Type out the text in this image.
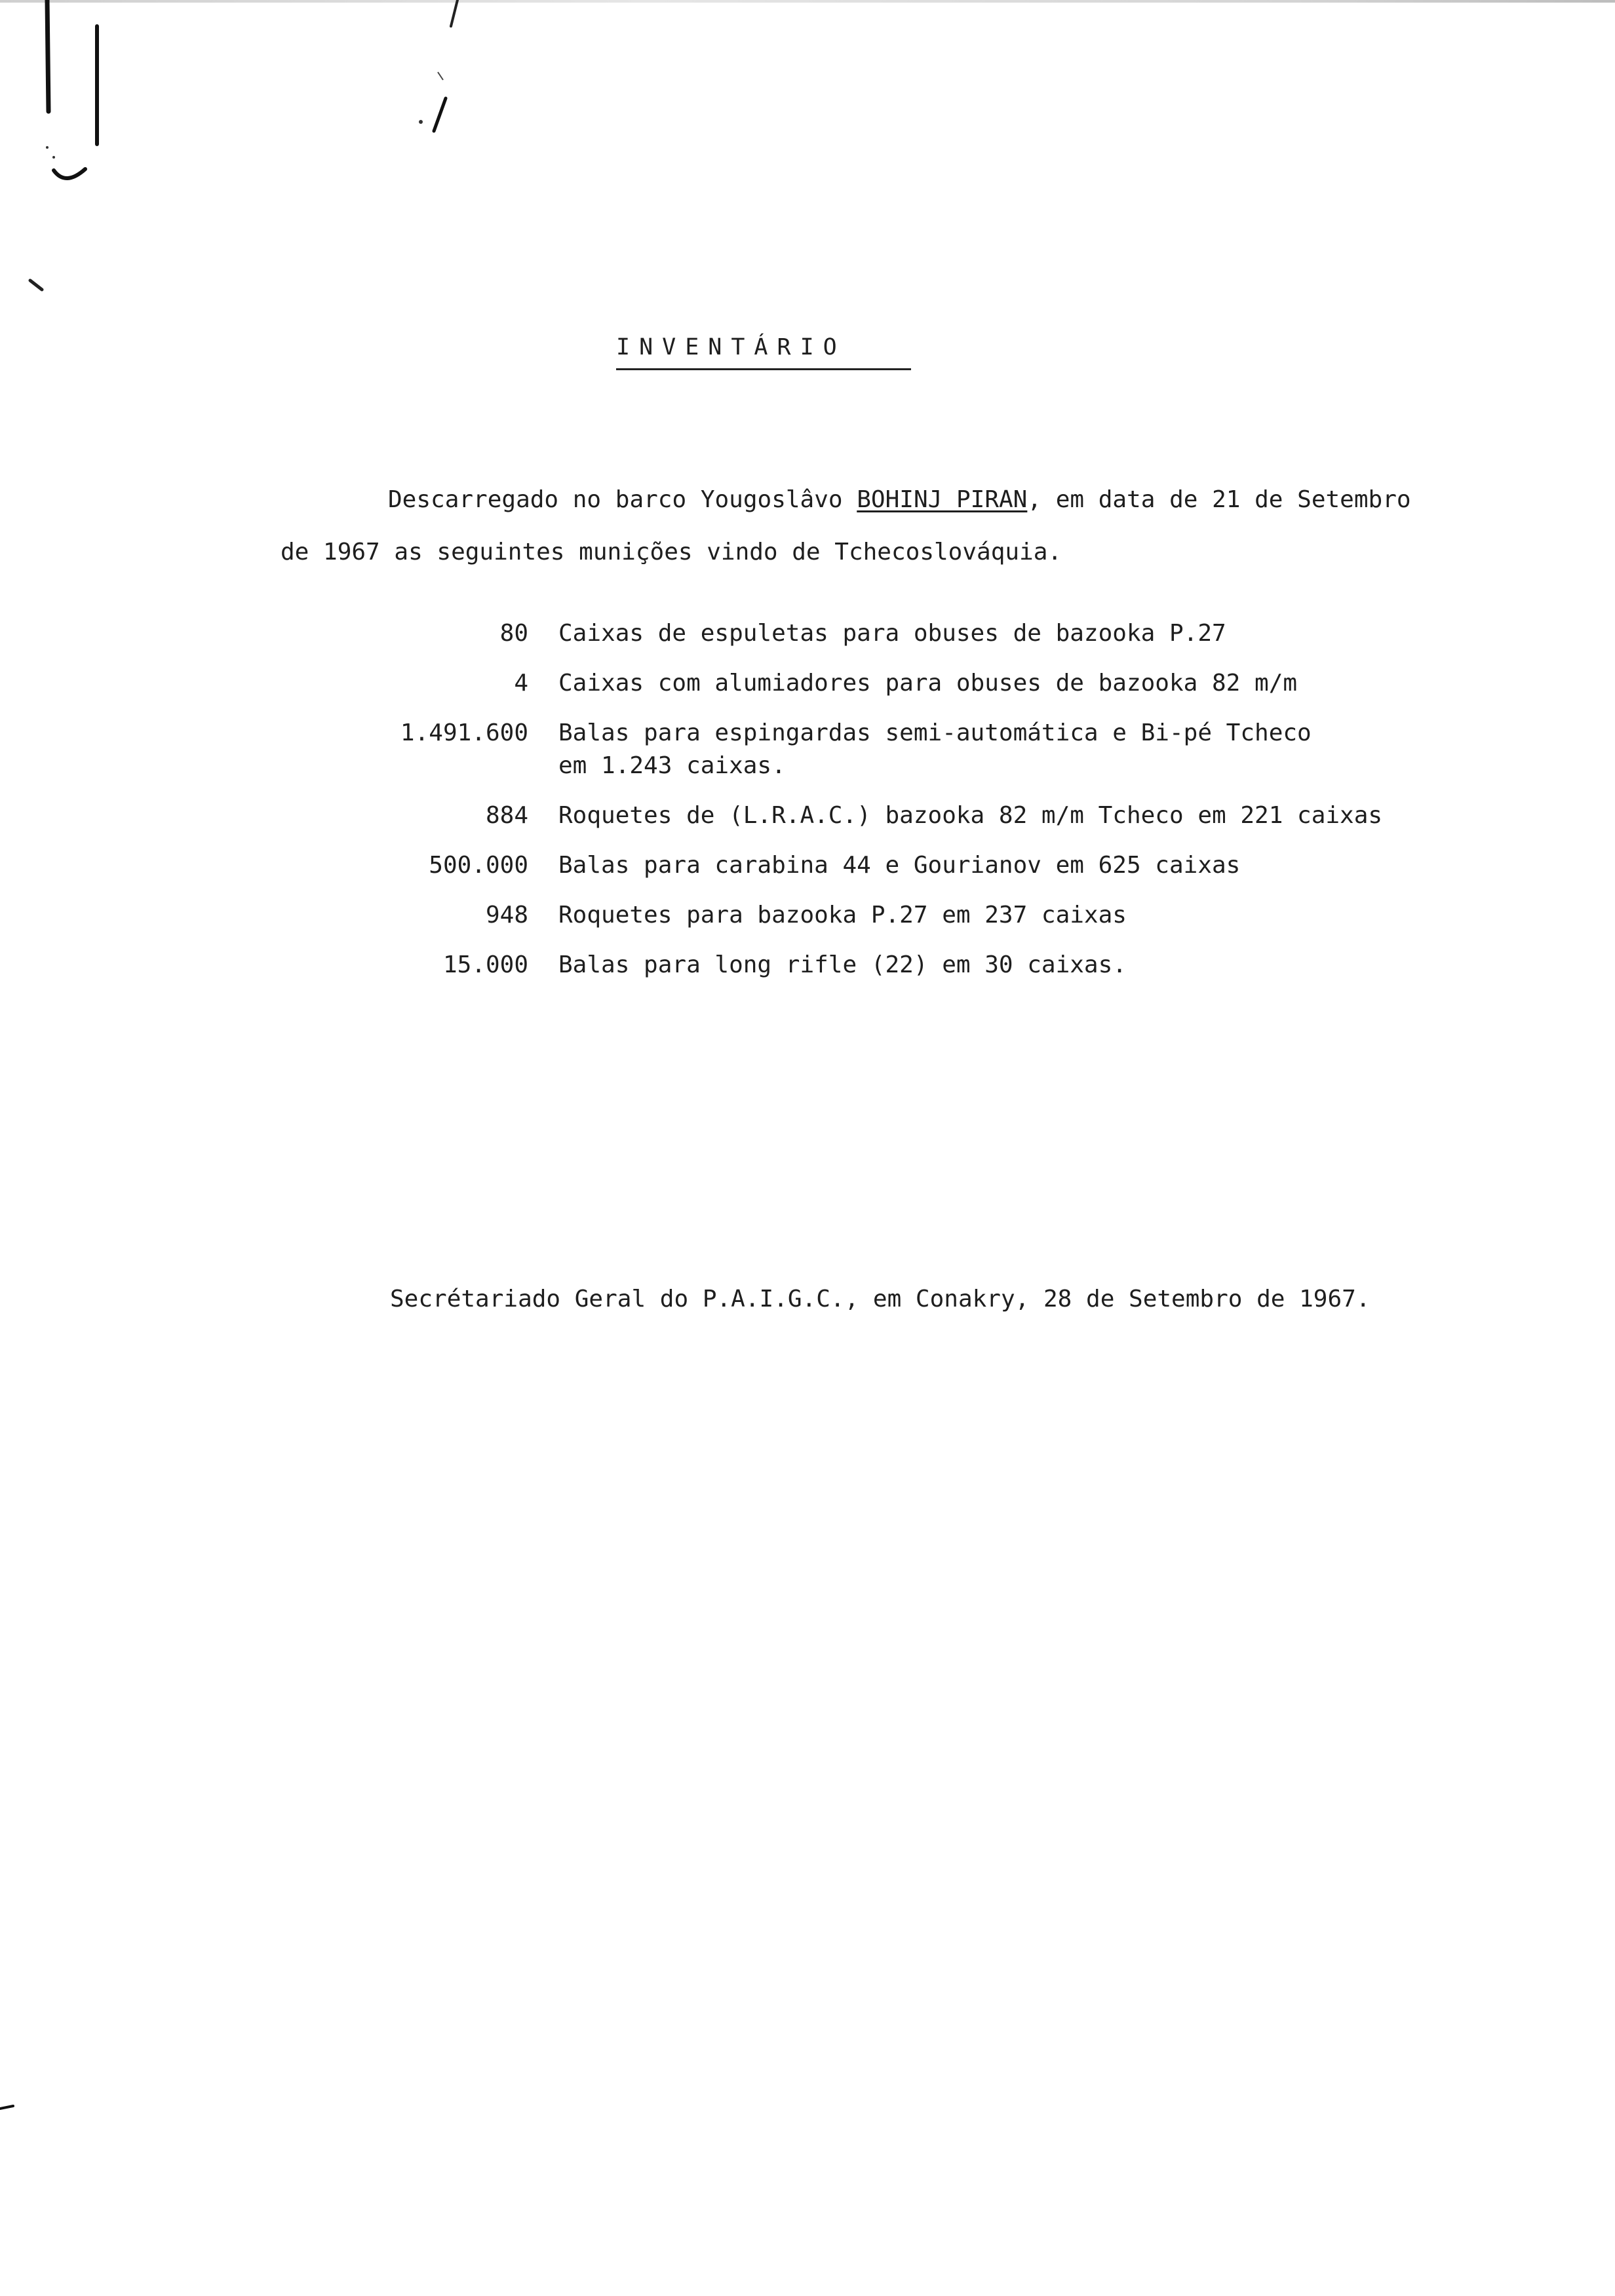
INVENTÁRIO
Descarregado no barco Yougoslâvo BOHINJ PIRAN, em data de 21 de Setembro
de 1967 as seguintes munições vindo de Tchecoslováquia.
80	Caixas de espuletas para obuses de bazooka P.27
4	Caixas com alumiadores para obuses de bazooka 82 m/m
1.491.600	Balas para espingardas semi-automática e Bi-pé Tcheco
em 1.243 caixas.
884	Roquetes de (L.R.A.C.) bazooka 82 m/m Tcheco em 221 caixas
500.000	Balas para carabina 44 e Gourianov em 625 caixas
948	Roquetes para bazooka P.27 em 237 caixas
15.000	Balas para long rifle (22) em 30 caixas.
Secrétariado Geral do P.A.I.G.C., em Conakry, 28 de Setembro de 1967.
